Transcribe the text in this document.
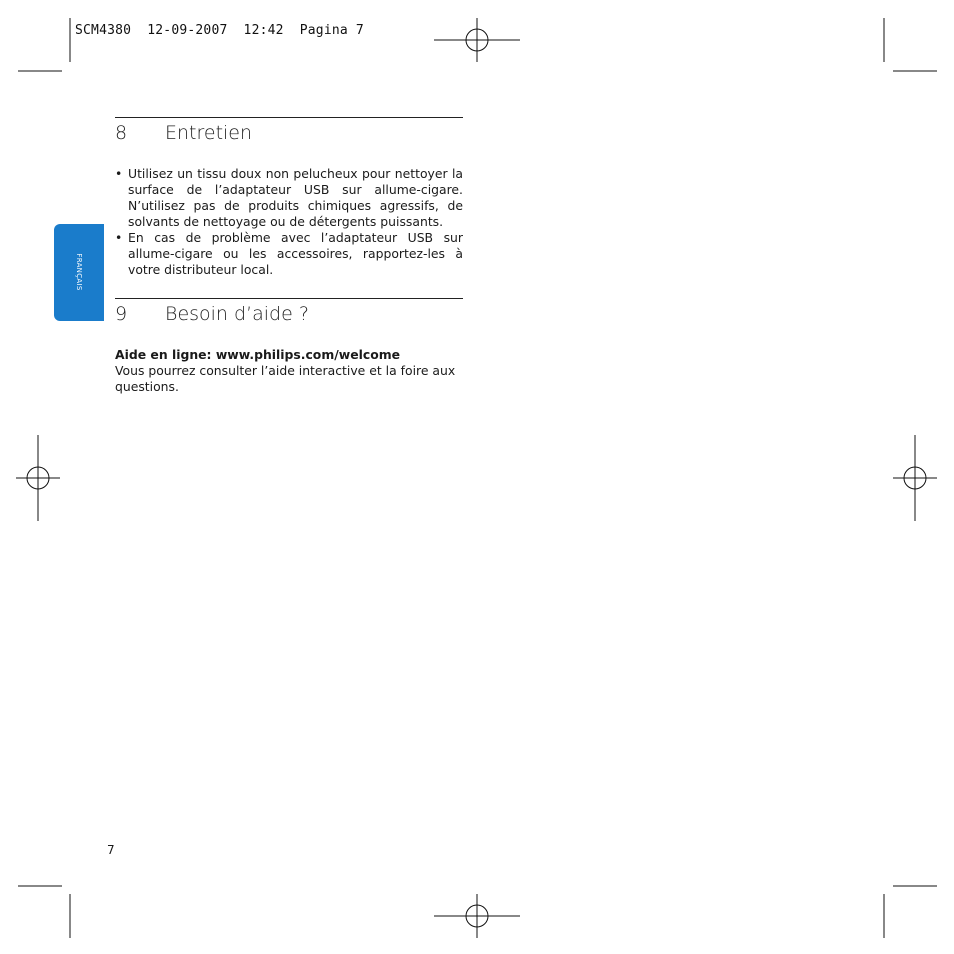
SCM4380  12-09-2007  12:42  Pagina 7
FRANÇAIS
8	Entretien
• Utilisez un tissu doux non pelucheux pour nettoyer la surface de l’adaptateur USB sur allume-cigare. N’utilisez pas de produits chimiques agressifs, de solvants de nettoyage ou de détergents puissants.
• En cas de problème avec l’adaptateur USB sur allume-cigare ou les accessoires, rapportez-les à votre distributeur local.
9	Besoin d’aide ?
Aide en ligne: www.philips.com/welcome
Vous pourrez consulter l’aide interactive et la foire aux questions.
7
